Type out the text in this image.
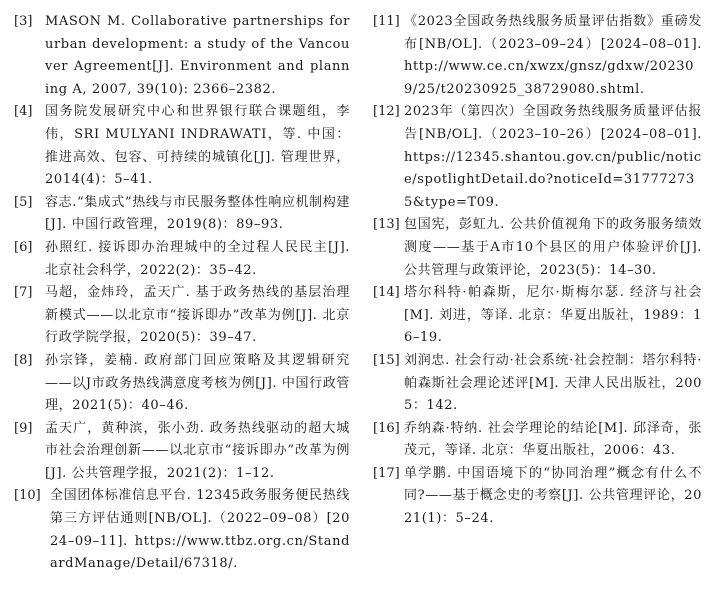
[3] MASON M. Collaborative partnerships for urban development: a study of the Vancouver Agreement[J]. Environment and planning A, 2007, 39(10): 2366–2382.
[4] 国务院发展研究中心和世界银行联合课题组，李伟，SRI MULYANI INDRAWATI，等. 中国：推进高效、包容、可持续的城镇化[J]. 管理世界，2014(4)：5–41.
[5] 容志.“集成式”热线与市民服务整体性响应机制构建[J]. 中国行政管理，2019(8)：89–93.
[6] 孙照红. 接诉即办治理城中的全过程人民民主[J]. 北京社会科学，2022(2)：35–42.
[7] 马超，金炜玲，孟天广. 基于政务热线的基层治理新模式——以北京市“接诉即办”改革为例[J]. 北京行政学院学报，2020(5)：39–47.
[8] 孙宗锋，姜楠. 政府部门回应策略及其逻辑研究——以J市政务热线满意度考核为例[J]. 中国行政管理，2021(5)：40–46.
[9] 孟天广，黄种滨，张小劲. 政务热线驱动的超大城市社会治理创新——以北京市“接诉即办”改革为例[J]. 公共管理学报，2021(2)：1–12.
[10] 全国团体标准信息平台. 12345政务服务便民热线第三方评估通则[NB/OL].（2022–09–08）[2024–09–11]. https://www.ttbz.org.cn/StandardManage/Detail/67318/.
[11] 《2023全国政务热线服务质量评估指数》重磅发布[NB/OL].（2023–09–24）[2024–08–01]. http://www.ce.cn/xwzx/gnsz/gdxw/202309/25/t20230925_38729080.shtml.
[12] 2023年（第四次）全国政务热线服务质量评估报告[NB/OL].（2023–10–26）[2024–08–01]. https://12345.shantou.gov.cn/public/notice/spotlightDetail.do?noticeId=317772735&type=T09.
[13] 包国宪，彭虹九. 公共价值视角下的政务服务绩效测度——基于A市10个县区的用户体验评价[J]. 公共管理与政策评论，2023(5)：14–30.
[14] 塔尔科特·帕森斯，尼尔·斯梅尔瑟. 经济与社会[M]. 刘进，等译. 北京：华夏出版社，1989：16–19.
[15] 刘润忠. 社会行动·社会系统·社会控制：塔尔科特·帕森斯社会理论述评[M]. 天津人民出版社，2005：142.
[16] 乔纳森·特纳. 社会学理论的结论[M]. 邱泽奇，张茂元，等译. 北京：华夏出版社，2006：43.
[17] 单学鹏. 中国语境下的“协同治理”概念有什么不同?——基于概念史的考察[J]. 公共管理评论，2021(1)：5–24.
